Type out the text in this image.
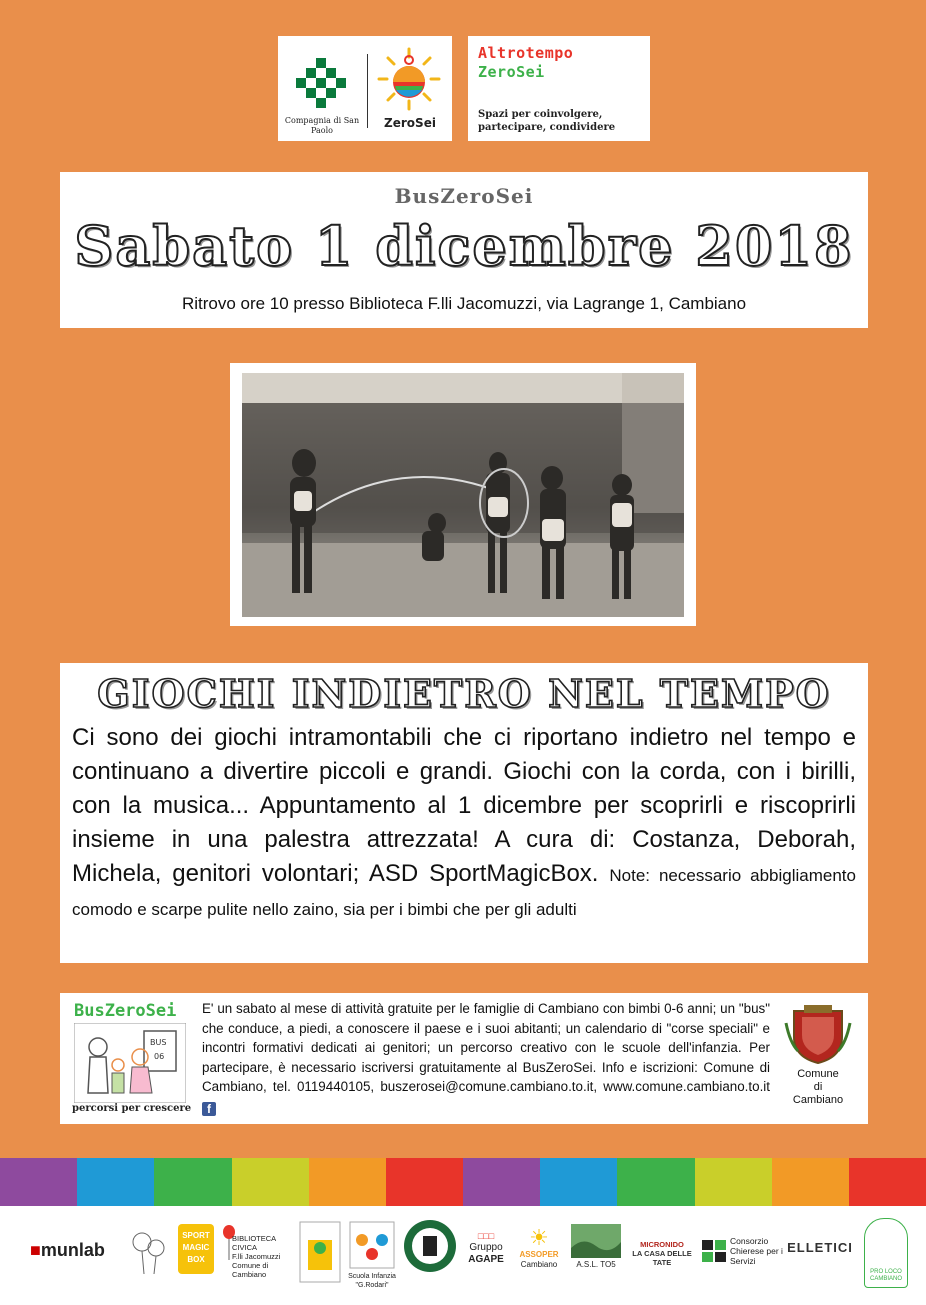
Compagnia di San Paolo
ZeroSei
Altrotempo
ZeroSei
Spazi per coinvolgere,
partecipare, condividere
BusZeroSei
Sabato 1 dicembre 2018
Ritrovo ore 10 presso Biblioteca F.lli Jacomuzzi, via Lagrange 1, Cambiano
GIOCHI INDIETRO NEL TEMPO
Ci sono dei giochi intramontabili che ci riportano indietro nel tempo e continuano a divertire piccoli e grandi. Giochi con la corda, con i birilli, con la musica... Appuntamento al 1 dicembre per scoprirli e riscoprirli insieme in una palestra attrezzata! A cura di: Costanza, Deborah, Michela, genitori volontari; ASD SportMagicBox. Note: necessario abbigliamento comodo e scarpe pulite nello zaino, sia per i bimbi che per gli adulti
BusZeroSei
BUS
06
percorsi per crescere
E' un sabato al mese di attività gratuite per le famiglie di Cambiano con bimbi 0-6 anni; un "bus" che conduce, a piedi, a conoscere il paese e i suoi abitanti; un calendario di "corse speciali" e incontri formativi dedicati ai genitori; un percorso creativo con le scuole dell'infanzia. Per partecipare, è necessario iscriversi gratuitamente al BusZeroSei. Info e iscrizioni: Comune di Cambiano, tel. 0119440105, buszerosei@comune.cambiano.to.it, www.comune.cambiano.to.it f
Comune
di
Cambiano
■munlab
SPORT
MAGIC
BOX
BIBLIOTECA CIVICA
F.lli Jacomuzzi
Comune di Cambiano	Scuola Infanzia
"G.Rodari"
□□□
Gruppo
AGAPE
☀
ASSOPER
Cambiano	A.S.L. TO5
MICRONIDO
LA CASA DELLE TATE
Consorzio
Chierese per i
Servizi
ELLETICI
PRO LOCO CAMBIANO
